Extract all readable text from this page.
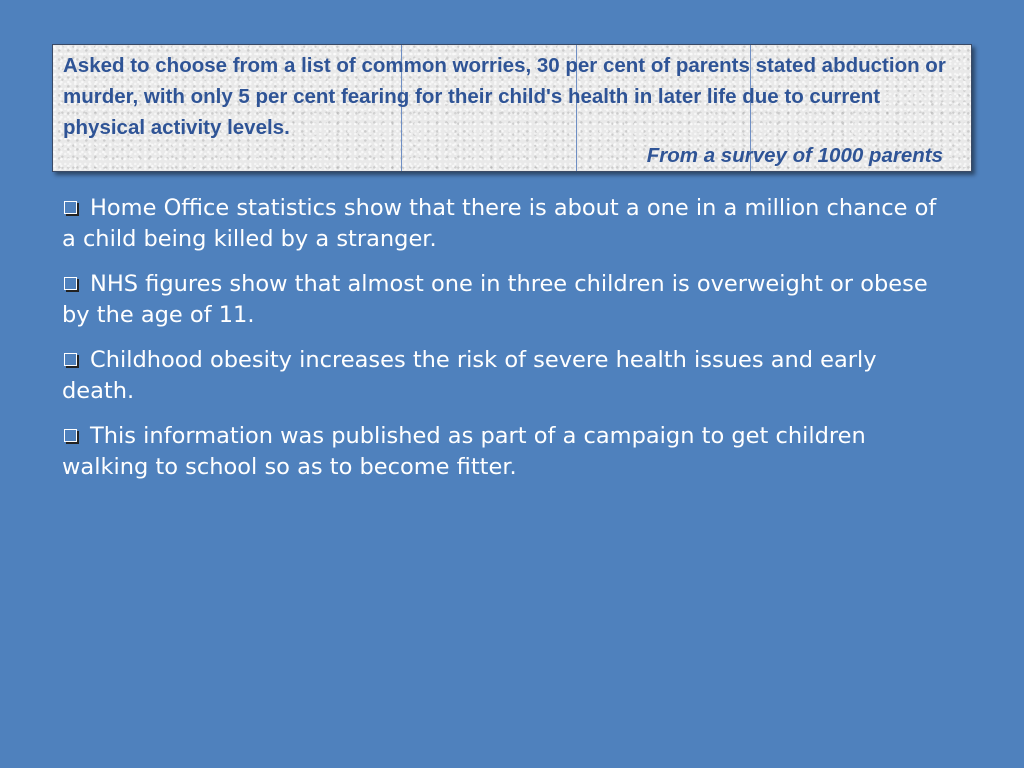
Asked to choose from a list of common worries, 30 per cent of parents stated abduction or murder, with only 5 per cent fearing for their child's health in later life due to current physical activity levels.

From a survey of 1000 parents

Home Office statistics show that there is about a one in a million chance of a child being killed by a stranger.
NHS figures show that almost one in three children is overweight or obese by the age of 11.
Childhood obesity increases the risk of severe health issues and early death.
This information was published as part of a campaign to get children walking to school so as to become fitter.
